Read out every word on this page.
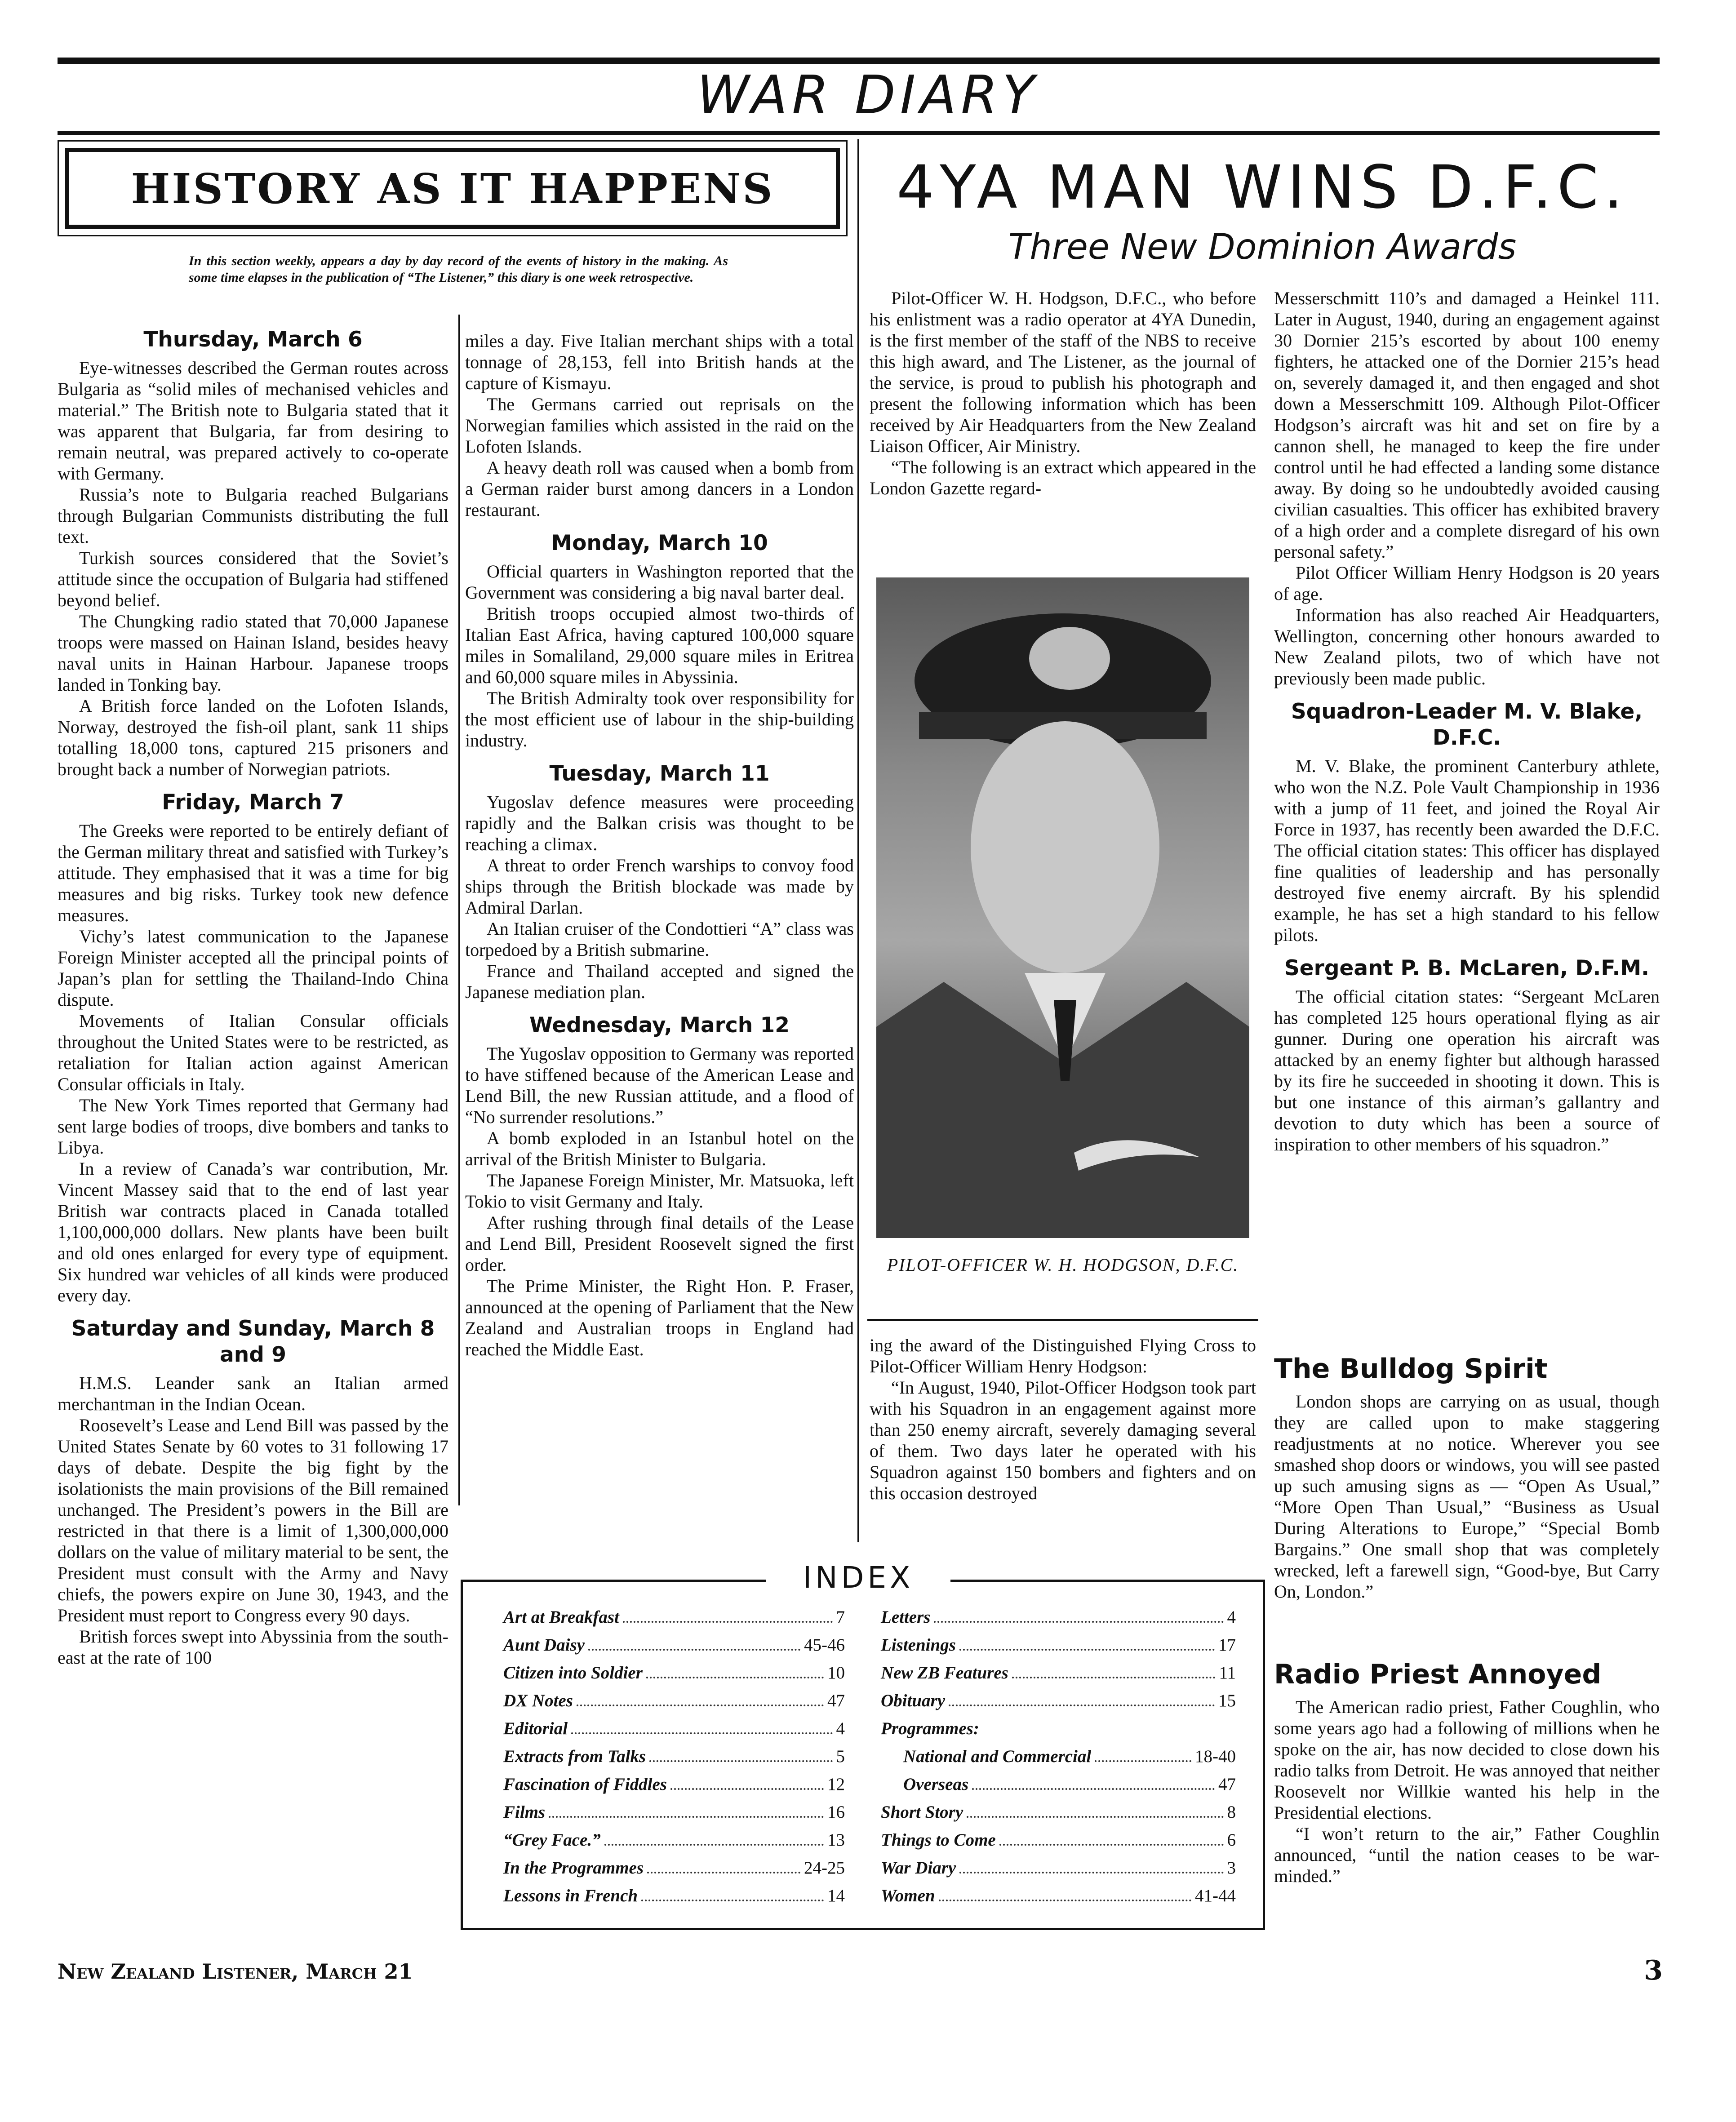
WAR DIARY
HISTORY AS IT HAPPENS
In this section weekly, appears a day by day record of the events of history in the making. As some time elapses in the publication of “The Listener,” this diary is one week retrospective.
Thursday, March 6

Eye-witnesses described the German routes across Bulgaria as “solid miles of mechanised vehicles and material.” The British note to Bulgaria stated that it was apparent that Bulgaria, far from desiring to remain neutral, was prepared actively to co-operate with Germany.

Russia’s note to Bulgaria reached Bulgarians through Bulgarian Communists distributing the full text.

Turkish sources considered that the Soviet’s attitude since the occupation of Bulgaria had stiffened beyond belief.

The Chungking radio stated that 70,000 Japanese troops were massed on Hainan Island, besides heavy naval units in Hainan Harbour. Japanese troops landed in Tonking bay.

A British force landed on the Lofoten Islands, Norway, destroyed the fish-oil plant, sank 11 ships totalling 18,000 tons, captured 215 prisoners and brought back a number of Norwegian patriots.

Friday, March 7

The Greeks were reported to be entirely defiant of the German military threat and satisfied with Turkey’s attitude. They emphasised that it was a time for big measures and big risks. Turkey took new defence measures.

Vichy’s latest communication to the Japanese Foreign Minister accepted all the principal points of Japan’s plan for settling the Thailand-Indo China dispute.

Movements of Italian Consular officials throughout the United States were to be restricted, as retaliation for Italian action against American Consular officials in Italy.

The New York Times reported that Germany had sent large bodies of troops, dive bombers and tanks to Libya.

In a review of Canada’s war contribution, Mr. Vincent Massey said that to the end of last year British war contracts placed in Canada totalled 1,100,000,000 dollars. New plants have been built and old ones enlarged for every type of equipment. Six hundred war vehicles of all kinds were produced every day.

Saturday and Sunday, March 8 and 9

H.M.S. Leander sank an Italian armed merchantman in the Indian Ocean.

Roosevelt’s Lease and Lend Bill was passed by the United States Senate by 60 votes to 31 following 17 days of debate. Despite the big fight by the isolationists the main provisions of the Bill remained unchanged. The President’s powers in the Bill are restricted in that there is a limit of 1,300,000,000 dollars on the value of military material to be sent, the President must consult with the Army and Navy chiefs, the powers expire on June 30, 1943, and the President must report to Congress every 90 days.

British forces swept into Abyssinia from the south-east at the rate of 100

miles a day. Five Italian merchant ships with a total tonnage of 28,153, fell into British hands at the capture of Kismayu.

The Germans carried out reprisals on the Norwegian families which assisted in the raid on the Lofoten Islands.

A heavy death roll was caused when a bomb from a German raider burst among dancers in a London restaurant.

Monday, March 10

Official quarters in Washington reported that the Government was considering a big naval barter deal.

British troops occupied almost two-thirds of Italian East Africa, having captured 100,000 square miles in Somaliland, 29,000 square miles in Eritrea and 60,000 square miles in Abyssinia.

The British Admiralty took over responsibility for the most efficient use of labour in the ship-building industry.

Tuesday, March 11

Yugoslav defence measures were proceeding rapidly and the Balkan crisis was thought to be reaching a climax.

A threat to order French warships to convoy food ships through the British blockade was made by Admiral Darlan.

An Italian cruiser of the Condottieri “A” class was torpedoed by a British submarine.

France and Thailand accepted and signed the Japanese mediation plan.

Wednesday, March 12

The Yugoslav opposition to Germany was reported to have stiffened because of the American Lease and Lend Bill, the new Russian attitude, and a flood of “No surrender resolutions.”

A bomb exploded in an Istanbul hotel on the arrival of the British Minister to Bulgaria.

The Japanese Foreign Minister, Mr. Matsuoka, left Tokio to visit Germany and Italy.

After rushing through final details of the Lease and Lend Bill, President Roosevelt signed the first order.

The Prime Minister, the Right Hon. P. Fraser, announced at the opening of Parliament that the New Zealand and Australian troops in England had reached the Middle East.

4YA MAN WINS D.F.C.
Three New Dominion Awards

Pilot-Officer W. H. Hodgson, D.F.C., who before his enlistment was a radio operator at 4YA Dunedin, is the first member of the staff of the NBS to receive this high award, and The Listener, as the journal of the service, is proud to publish his photograph and present the following information which has been received by Air Headquarters from the New Zealand Liaison Officer, Air Ministry.

“The following is an extract which appeared in the London Gazette regard-

PILOT-OFFICER W. H. HODGSON, D.F.C.

ing the award of the Distinguished Flying Cross to Pilot-Officer William Henry Hodgson:

“In August, 1940, Pilot-Officer Hodgson took part with his Squadron in an engagement against more than 250 enemy aircraft, severely damaging several of them. Two days later he operated with his Squadron against 150 bombers and fighters and on this occasion destroyed

Messerschmitt 110’s and damaged a Heinkel 111. Later in August, 1940, during an engagement against 30 Dornier 215’s escorted by about 100 enemy fighters, he attacked one of the Dornier 215’s head on, severely damaged it, and then engaged and shot down a Messerschmitt 109. Although Pilot-Officer Hodgson’s aircraft was hit and set on fire by a cannon shell, he managed to keep the fire under control until he had effected a landing some distance away. By doing so he undoubtedly avoided causing civilian casualties. This officer has exhibited bravery of a high order and a complete disregard of his own personal safety.”

Pilot Officer William Henry Hodgson is 20 years of age.

Information has also reached Air Headquarters, Wellington, concerning other honours awarded to New Zealand pilots, two of which have not previously been made public.

Squadron-Leader M. V. Blake, D.F.C.

M. V. Blake, the prominent Canterbury athlete, who won the N.Z. Pole Vault Championship in 1936 with a jump of 11 feet, and joined the Royal Air Force in 1937, has recently been awarded the D.F.C. The official citation states: This officer has displayed fine qualities of leadership and has personally destroyed five enemy aircraft. By his splendid example, he has set a high standard to his fellow pilots.

Sergeant P. B. McLaren, D.F.M.

The official citation states: “Sergeant McLaren has completed 125 hours operational flying as air gunner. During one operation his aircraft was attacked by an enemy fighter but although harassed by its fire he succeeded in shooting it down. This is but one instance of this airman’s gallantry and devotion to duty which has been a source of inspiration to other members of his squadron.”

The Bulldog Spirit

London shops are carrying on as usual, though they are called upon to make staggering readjustments at no notice. Wherever you see smashed shop doors or windows, you will see pasted up such amusing signs as — “Open As Usual,” “More Open Than Usual,” “Business as Usual During Alterations to Europe,” “Special Bomb Bargains.” One small shop that was completely wrecked, left a farewell sign, “Good-bye, But Carry On, London.”

Radio Priest Annoyed

The American radio priest, Father Coughlin, who some years ago had a following of millions when he spoke on the air, has now decided to close down his radio talks from Detroit. He was annoyed that neither Roosevelt nor Willkie wanted his help in the Presidential elections.

“I won’t return to the air,” Father Coughlin announced, “until the nation ceases to be war-minded.”

INDEX
Art at Breakfast	7
Aunt Daisy	45-46
Citizen into Soldier	10
DX Notes	47
Editorial	4
Extracts from Talks	5
Fascination of Fiddles	12
Films	16
“Grey Face.”	13
In the Programmes	24-25
Lessons in French	14
Letters	4
Listenings	17
New ZB Features	11
Obituary	15
Programmes:
National and Commercial	18-40
Overseas	47
Short Story	8
Things to Come	6
War Diary	3
Women	41-44
New Zealand Listener, March 21	3
